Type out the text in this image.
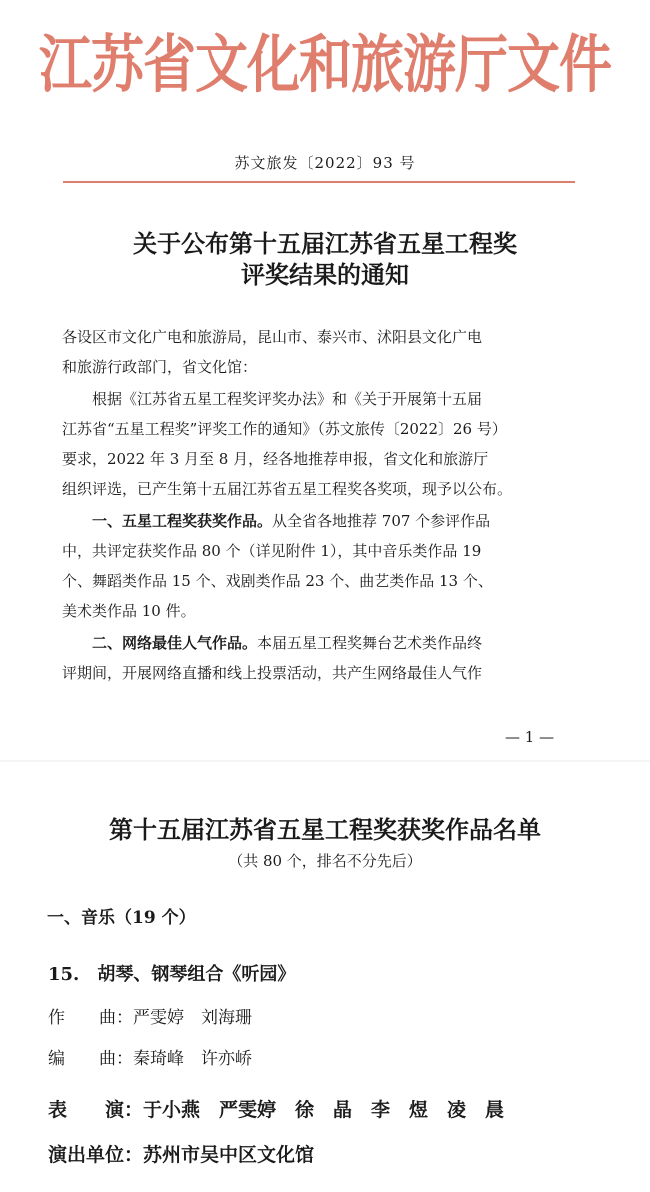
江苏省文化和旅游厅文件
苏文旅发〔2022〕93 号
关于公布第十五届江苏省五星工程奖
评奖结果的通知
各设区市文化广电和旅游局，昆山市、泰兴市、沭阳县文化广电
和旅游行政部门，省文化馆：
根据《江苏省五星工程奖评奖办法》和《关于开展第十五届
江苏省“五星工程奖”评奖工作的通知》（苏文旅传〔2022〕26 号）
要求，2022 年 3 月至 8 月，经各地推荐申报，省文化和旅游厅
组织评选，已产生第十五届江苏省五星工程奖各奖项，现予以公布。
一、五星工程奖获奖作品。从全省各地推荐 707 个参评作品
中，共评定获奖作品 80 个（详见附件 1），其中音乐类作品 19
个、舞蹈类作品 15 个、戏剧类作品 23 个、曲艺类作品 13 个、
美术类作品 10 件。
二、网络最佳人气作品。本届五星工程奖舞台艺术类作品终
评期间，开展网络直播和线上投票活动，共产生网络最佳人气作
— 1 —
第十五届江苏省五星工程奖获奖作品名单
（共 80 个，排名不分先后）
一、音乐（19 个）
15.　胡琴、钢琴组合《听园》
作　　曲：严雯婷　刘海珊
编　　曲：秦琦峰　许亦峤
表　　演：于小燕　严雯婷　徐　晶　李　煜　凌　晨
演出单位：苏州市吴中区文化馆
